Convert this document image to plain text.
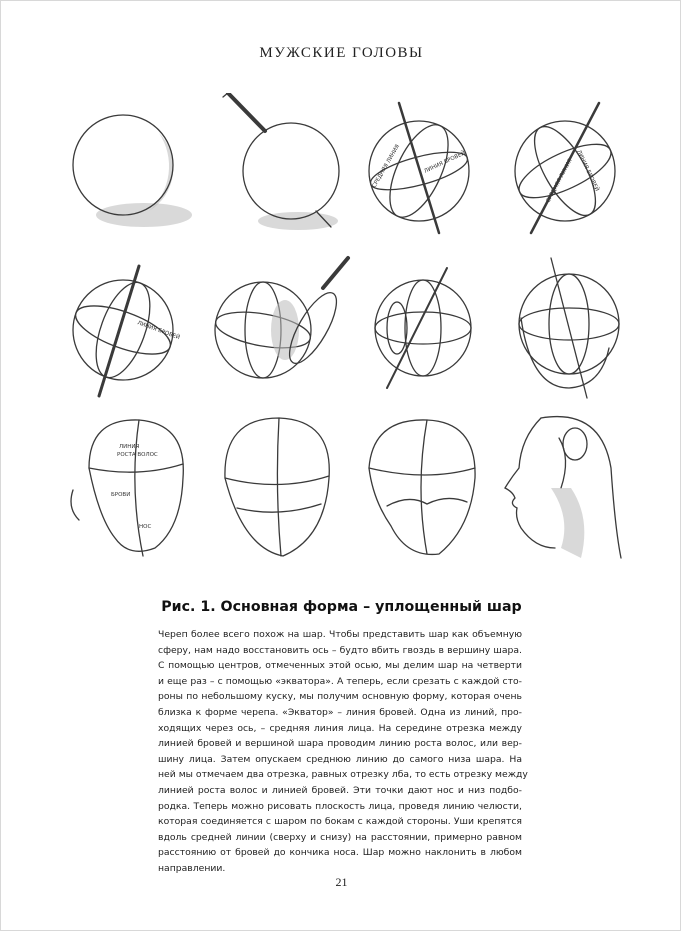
МУЖСКИЕ ГОЛОВЫ
СРЕДНЯЯ ЛИНИЯ	ЛИНИЯ БРОВЕЙ	ЛИНИЯ БРОВЕЙ
СРЕДНЯЯ ЛИНИЯ
ЛИНИЯ БРОВЕЙ
ЛИНИЯ
РОСТА ВОЛОС
БРОВИ
НОС
Рис. 1. Основная форма – уплощенный шар
Череп более всего похож на шар. Чтобы представить шар как объемную
сферу, нам надо восстановить ось – будто вбить гвоздь в вершину шара.
С помощью центров, отмеченных этой осью, мы делим шар на четверти
и еще раз – с помощью «экватора». А теперь, если срезать с каждой сто-
роны по небольшому куску, мы получим основную форму, которая очень
близка к форме черепа. «Экватор» – линия бровей. Одна из линий, про-
ходящих через ось, – средняя линия лица. На середине отрезка между
линией бровей и вершиной шара проводим линию роста волос, или вер-
шину лица. Затем опускаем среднюю линию до самого низа шара. На
ней мы отмечаем два отрезка, равных отрезку лба, то есть отрезку между
линией роста волос и линией бровей. Эти точки дают нос и низ подбо-
родка. Теперь можно рисовать плоскость лица, проведя линию челюсти,
которая соединяется с шаром по бокам с каждой стороны. Уши крепятся
вдоль средней линии (сверху и снизу) на расстоянии, примерно равном
расстоянию от бровей до кончика носа. Шар можно наклонить в любом
направлении.
21
